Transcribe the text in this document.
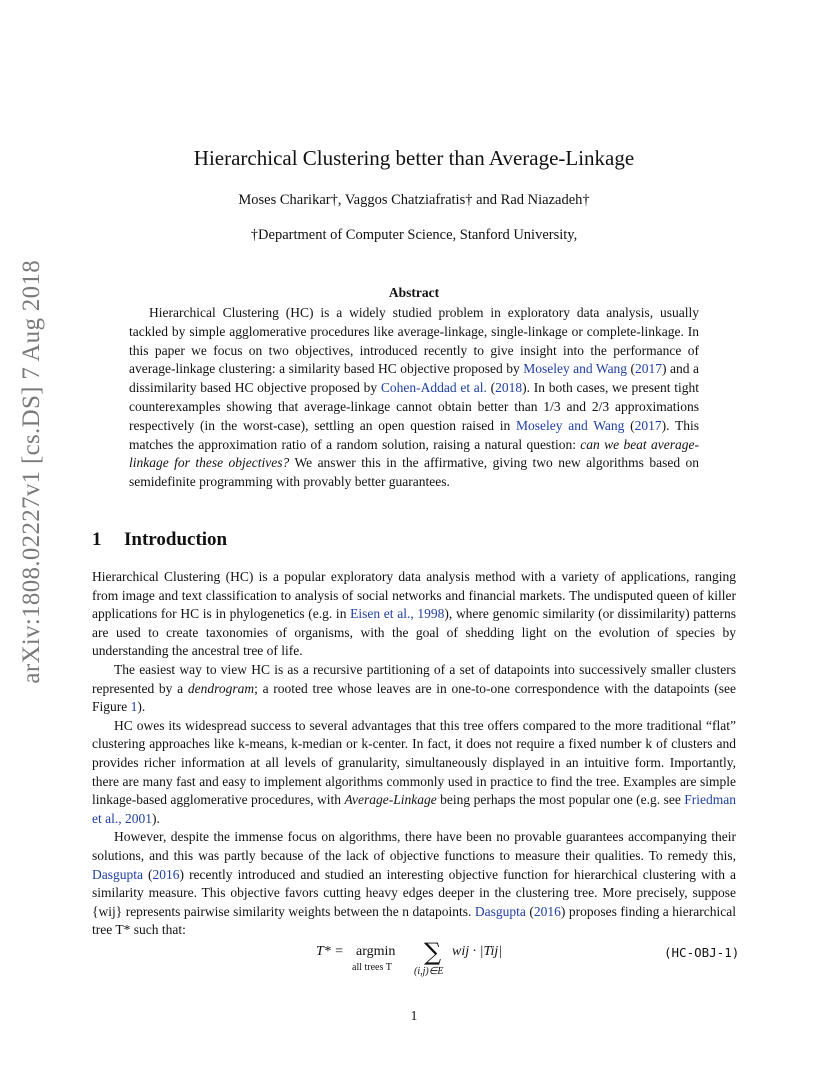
arXiv:1808.02227v1 [cs.DS] 7 Aug 2018
Hierarchical Clustering better than Average-Linkage
Moses Charikar†, Vaggos Chatziafratis† and Rad Niazadeh†
†Department of Computer Science, Stanford University,
Abstract

Hierarchical Clustering (HC) is a widely studied problem in exploratory data analysis, usually tackled by simple agglomerative procedures like average-linkage, single-linkage or complete-linkage. In this paper we focus on two objectives, introduced recently to give insight into the performance of average-linkage clustering: a similarity based HC objective proposed by Moseley and Wang (2017) and a dissimilarity based HC objective proposed by Cohen-Addad et al. (2018). In both cases, we present tight counterexamples showing that average-linkage cannot obtain better than 1/3 and 2/3 approximations respectively (in the worst-case), settling an open question raised in Moseley and Wang (2017). This matches the approximation ratio of a random solution, raising a natural question: can we beat average-linkage for these objectives? We answer this in the affirmative, giving two new algorithms based on semidefinite programming with provably better guarantees.

1 Introduction

Hierarchical Clustering (HC) is a popular exploratory data analysis method with a variety of applications, ranging from image and text classification to analysis of social networks and financial markets. The undisputed queen of killer applications for HC is in phylogenetics (e.g. in Eisen et al., 1998), where genomic similarity (or dissimilarity) patterns are used to create taxonomies of organisms, with the goal of shedding light on the evolution of species by understanding the ancestral tree of life.

The easiest way to view HC is as a recursive partitioning of a set of datapoints into successively smaller clusters represented by a dendrogram; a rooted tree whose leaves are in one-to-one correspondence with the datapoints (see Figure 1).

HC owes its widespread success to several advantages that this tree offers compared to the more traditional “flat” clustering approaches like k-means, k-median or k-center. In fact, it does not require a fixed number k of clusters and provides richer information at all levels of granularity, simultaneously displayed in an intuitive form. Importantly, there are many fast and easy to implement algorithms commonly used in practice to find the tree. Examples are simple linkage-based agglomerative procedures, with Average-Linkage being perhaps the most popular one (e.g. see Friedman et al., 2001).

However, despite the immense focus on algorithms, there have been no provable guarantees accompanying their solutions, and this was partly because of the lack of objective functions to measure their qualities. To remedy this, Dasgupta (2016) recently introduced and studied an interesting objective function for hierarchical clustering with a similarity measure. This objective favors cutting heavy edges deeper in the clustering tree. More precisely, suppose {wij} represents pairwise similarity weights between the n datapoints. Dasgupta (2016) proposes finding a hierarchical tree T* such that:

T* = argmin
all trees T
∑
(i,j)∈E
wij · |Tij|	(HC-OBJ-1)
1
